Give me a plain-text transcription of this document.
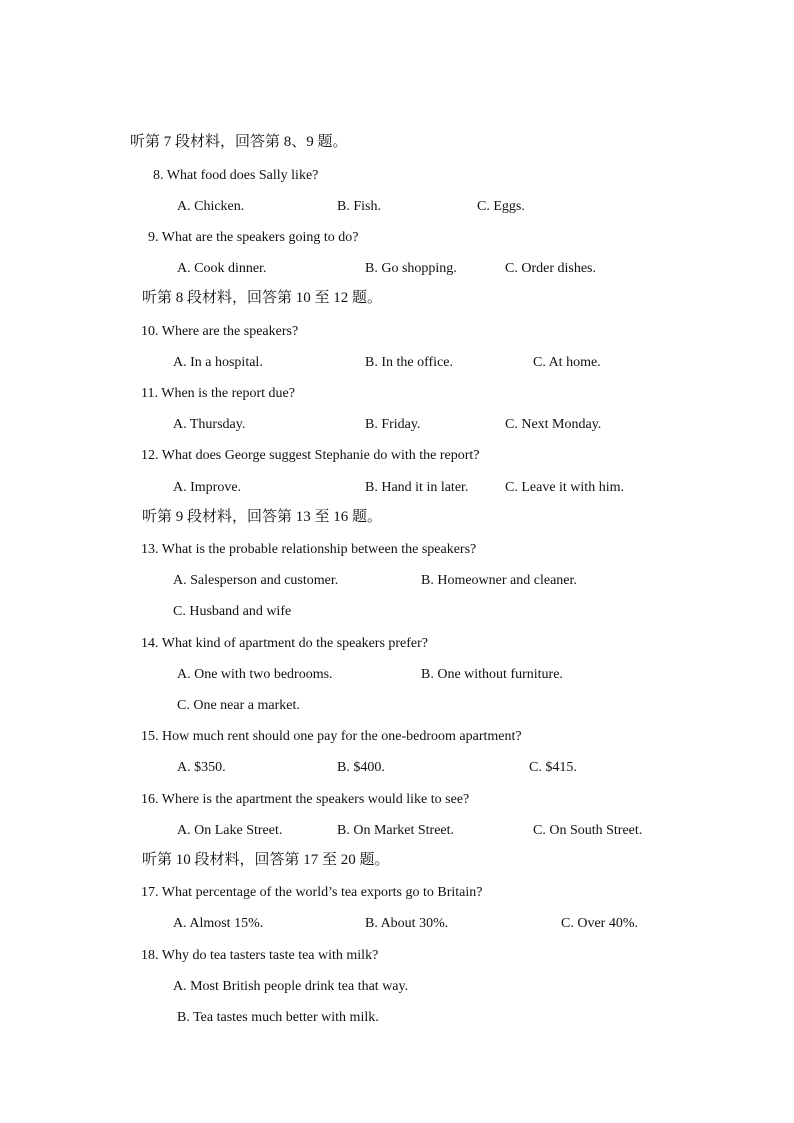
听第 7 段材料，回答第 8、9 题。
8. What food does Sally like?
A. Chicken.	B. Fish.	C. Eggs.
9. What are the speakers going to do?
A. Cook dinner.	B. Go shopping.	C. Order dishes.
听第 8 段材料，回答第 10 至 12 题。
10. Where are the speakers?
A. In a hospital.	B. In the office.	C. At home.
11. When is the report due?
A. Thursday.	B. Friday.	C. Next Monday.
12. What does George suggest Stephanie do with the report?
A. Improve.	B. Hand it in later.	C. Leave it with him.
听第 9 段材料，回答第 13 至 16 题。
13. What is the probable relationship between the speakers?
A. Salesperson and customer.	B. Homeowner and cleaner.
C. Husband and wife
14. What kind of apartment do the speakers prefer?
A. One with two bedrooms.	B. One without furniture.
C. One near a market.
15. How much rent should one pay for the one-bedroom apartment?
A. $350.	B. $400.	C. $415.
16. Where is the apartment the speakers would like to see?
A. On Lake Street.	B. On Market Street.	C. On South Street.
听第 10 段材料，回答第 17 至 20 题。
17. What percentage of the world’s tea exports go to Britain?
A. Almost 15%.	B. About 30%.	C. Over 40%.
18. Why do tea tasters taste tea with milk?
A. Most British people drink tea that way.
B. Tea tastes much better with milk.
